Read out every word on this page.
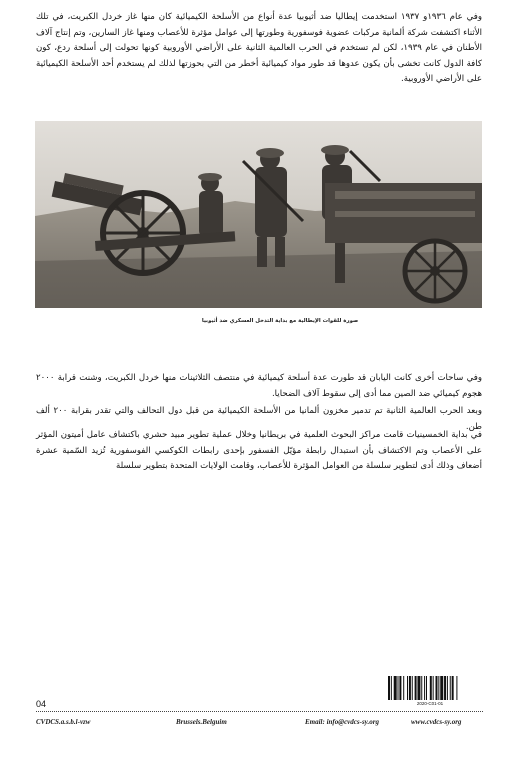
وفي عام ١٩٣٦و ١٩٣٧ استخدمت إيطاليا ضد أثيوبيا عدة أنواع من الأسلحة الكيميائية كان منها غاز خردل الكبريت، في تلك الأثناء اكتشفت شركة ألمانية مركبات عضوية فوسفورية وطورتها إلى عوامل مؤثرة للأعصاب ومنها غاز السارين، وتم إنتاج آلاف الأطنان في عام ١٩٣٩، لكن لم تستخدم في الحرب العالمية الثانية على الأراضي الأوروبية كونها تحولت إلى أسلحة ردع، كون كافة الدول كانت تخشى بأن يكون عدوها قد طور مواد كيميائية أخطر من التي بحوزتها لذلك لم يستخدم أحد الأسلحة الكيميائية على الأراضي الأوروبية.

صورة للقوات الإيطالية مع بداية التدخل العسكري ضد أثيوبيا

وفي ساحات أخرى كانت اليابان قد طورت عدة أسلحة كيميائية في منتصف الثلاثينات منها خردل الكبريت، وشنت قرابة ٢٠٠٠ هجوم كيميائي ضد الصين مما أدى إلى سقوط آلاف الضحايا.

وبعد الحرب العالمية الثانية تم تدمير مخزون ألمانيا من الأسلحة الكيميائية من قبل دول التحالف والتي تقدر بقرابة ٢٠٠ ألف طن.

في بداية الخمسينيات قامت مراكز البحوث العلمية في بريطانيا وخلال عملية تطوير مبيد حشري باكتشاف عامل أميتون المؤثر على الأعصاب وتم الاكتشاف بأن استبدال رابطة مؤيّل الفسفور بإحدى رابطات الكوكسي الفوسفورية تُزيد السّمية عشرة أضعاف وذلك أدى لتطوير سلسلة من العوامل المؤثرة للأعصاب، وقامت الولايات المتحدة بتطوير سلسلة

04	2020-C01-01
CVDCS.a.s.b.l-vzw	Brussels.Belguim	Email: info@cvdcs-sy.org	www.cvdcs-sy.org
